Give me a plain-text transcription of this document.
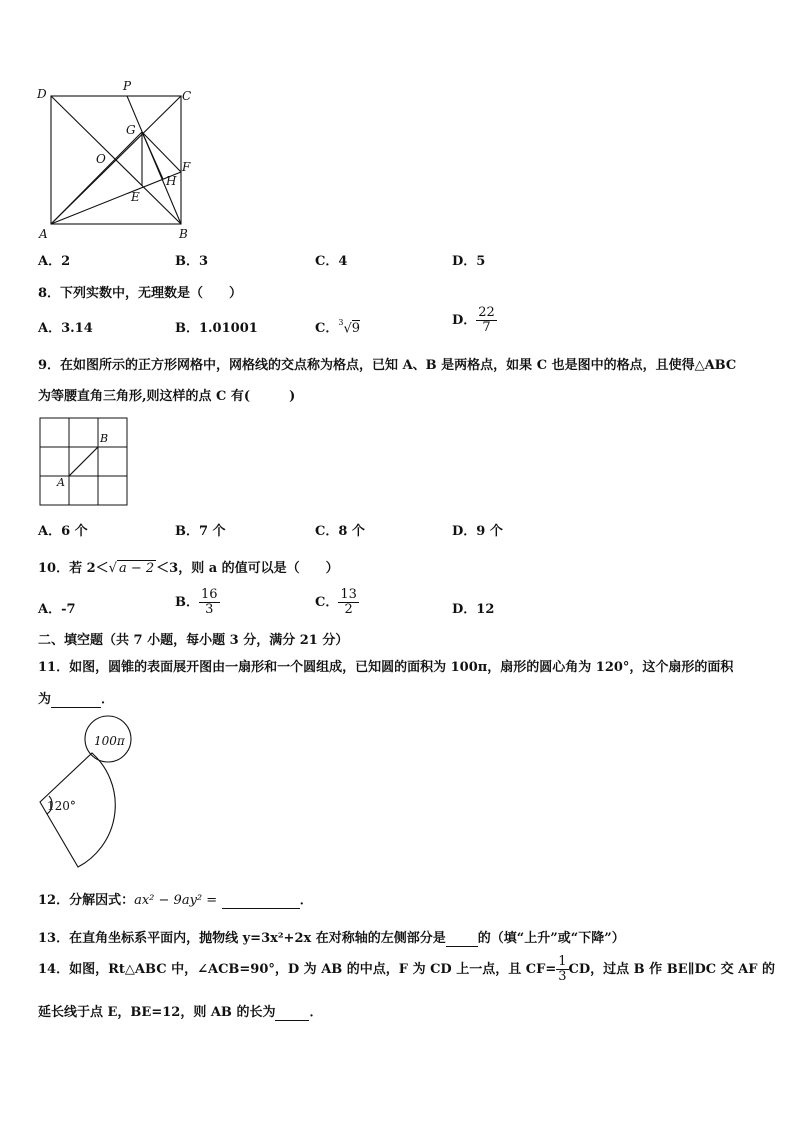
D
P
C
G
O
F
H
E
A	B
A．2	B．3	C．4	D．5
8．下列实数中，无理数是（　　）
A．3.14	B．1.01001	C．$^3$√9
D． $\frac{22}{7}$
9．在如图所示的正方形网格中，网格线的交点称为格点，已知 A、B 是两格点，如果 C 也是图中的格点，且使得△ABC
为等腰直角三角形,则这样的点 C 有(　　　)
B
A
A．6 个	B．7 个	C．8 个	D．9 个
10．若 2＜√ a − 2 ＜3，则 a 的值可以是（　　）
A．-7	B． $\frac{16}{3}$	C． $\frac{13}{2}$	D．12
二、填空题（共 7 小题，每小题 3 分，满分 21 分）
11．如图，圆锥的表面展开图由一扇形和一个圆组成，已知圆的面积为 100π，扇形的圆心角为 120°，这个扇形的面积
为	．
100π
120°
12．分解因式：ax² − 9ay² =	．
13．在直角坐标系平面内，抛物线 y=3x²+2x 在对称轴的左侧部分是 的（填“上升”或“下降”）
14．如图，Rt△ABC 中，∠ACB=90°，D 为 AB 的中点，F 为 CD 上一点，且 $CF= \frac{1}{3}$ CD，过点 B 作 BE∥DC 交 AF 的
延长线于点 E，BE=12，则 AB 的长为	．
